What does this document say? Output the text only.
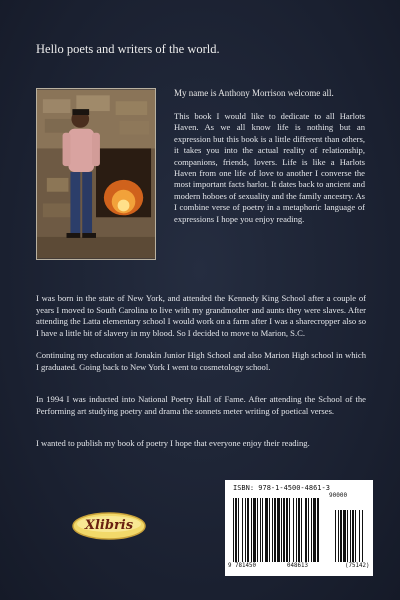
Hello poets and writers of the world.

My name is Anthony Morrison welcome all.

This book I would like to dedicate to all Harlots Haven. As we all know life is nothing but an expression but this book is a little different than others, it takes you into the actual reality of relationship, companions, friends, lovers. Life is like a Harlots Haven from one life of love to another I converse the most important facts harlot. It dates back to ancient and modern hoboes of sexuality and the family ancestry. As I combine verse of poetry in a metaphoric language of expressions I hope you enjoy reading.

I was born in the state of New York, and attended the Kennedy King School after a couple of years I moved to South Carolina to live with my grandmother and aunts they were slaves. After attending the Latta elementary school I would work on a farm after I was a sharecropper also so I have a little bit of slavery in my blood. So I decided to move to Marion, S.C.

Continuing my education at Jonakin Junior High School and also Marion High school in which I graduated. Going back to New York I went to cosmetology school.

In 1994 I was inducted into National Poetry Hall of Fame. After attending the School of the Performing art studying poetry and drama the sonnets meter writing of poetical verses.

I wanted to publish my book of poetry I hope that everyone enjoy their reading.

Xlibris
ISBN: 978-1-4500-4861-3
9 781450	048613	(75142)
90000
